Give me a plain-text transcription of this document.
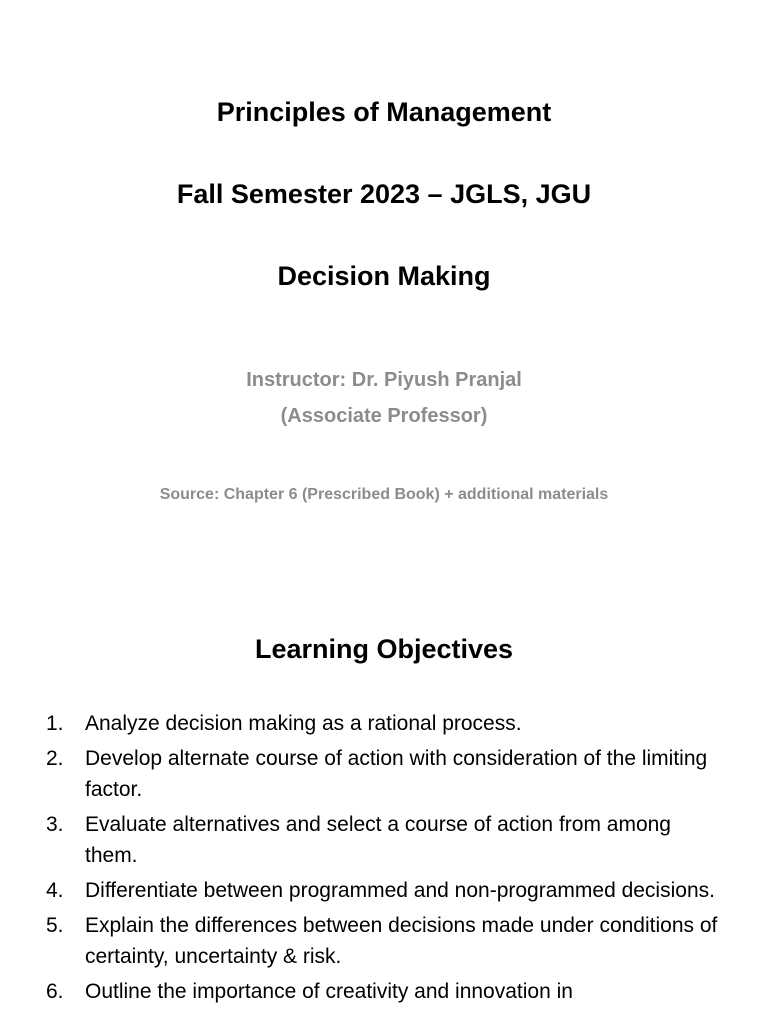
Principles of Management
Fall Semester 2023 – JGLS, JGU
Decision Making
Instructor: Dr. Piyush Pranjal
(Associate Professor)
Source: Chapter 6 (Prescribed Book) + additional materials
Learning Objectives
1. Analyze decision making as a rational process.
2. Develop alternate course of action with consideration of the limiting factor.
3. Evaluate alternatives and select a course of action from among them.
4. Differentiate between programmed and non-programmed decisions.
5. Explain the differences between decisions made under conditions of certainty, uncertainty & risk.
6. Outline the importance of creativity and innovation in
